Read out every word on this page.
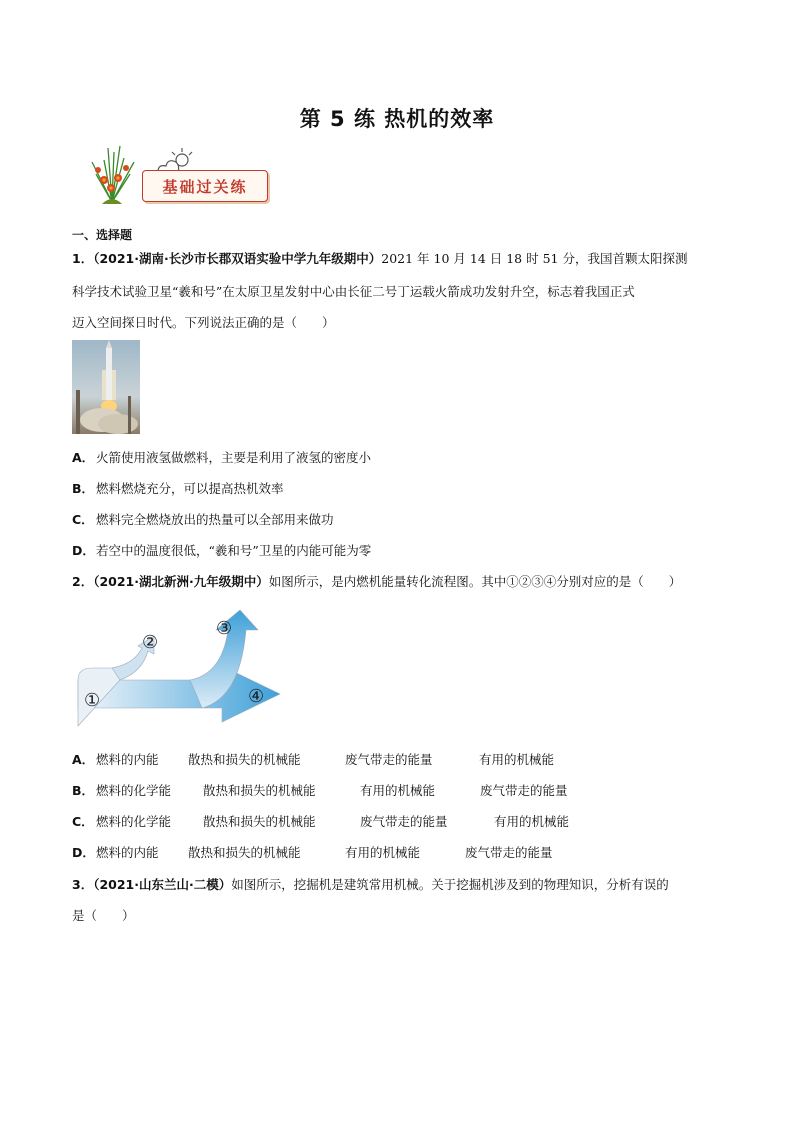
第 5 练 热机的效率
基础过关练
一、选择题
1．（2021·湖南·长沙市长郡双语实验中学九年级期中）2021 年 10 月 14 日 18 时 51 分，我国首颗太阳探测
科学技术试验卫星“羲和号”在太原卫星发射中心由长征二号丁运载火箭成功发射升空，标志着我国正式
迈入空间探日时代。下列说法正确的是（　　）
A． 火箭使用液氢做燃料，主要是利用了液氢的密度小
B． 燃料燃烧充分，可以提高热机效率
C． 燃料完全燃烧放出的热量可以全部用来做功
D．若空中的温度很低，“羲和号”卫星的内能可能为零
2．（2021·湖北新洲·九年级期中）如图所示，是内燃机能量转化流程图。其中①②③④分别对应的是（　　）
①
②
③
④
A． 燃料的内能 散热和损失的机械能	废气带走的能量	有用的机械能
B． 燃料的化学能	散热和损失的机械能	有用的机械能	废气带走的能量
C． 燃料的化学能	散热和损失的机械能	废气带走的能量	有用的机械能
D．燃料的内能 散热和损失的机械能	有用的机械能	废气带走的能量
3．（2021·山东兰山·二模）如图所示，挖掘机是建筑常用机械。关于挖掘机涉及到的物理知识，分析有误的
是（　　）
